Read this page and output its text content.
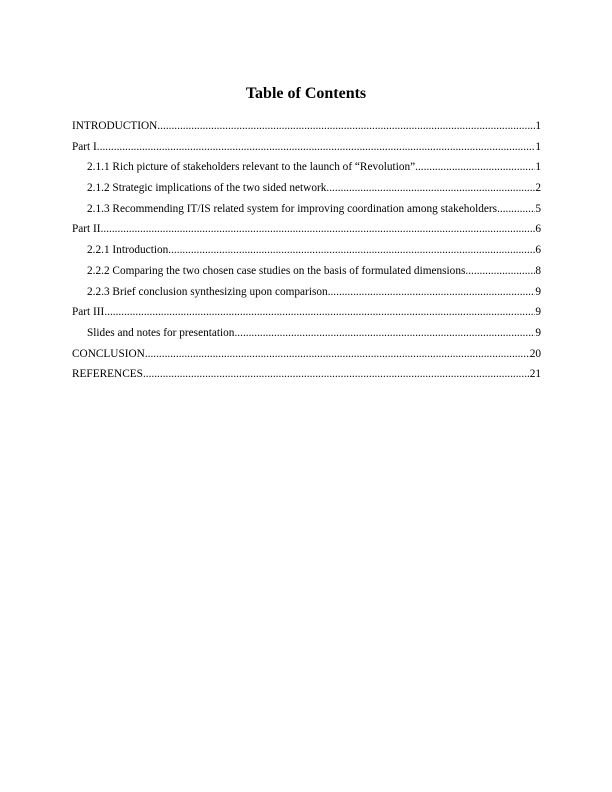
Table of Contents
INTRODUCTION .....	1
Part I .....	1
2.1.1 Rich picture of stakeholders relevant to the launch of “Revolution” .....	1
2.1.2 Strategic implications of the two sided network .....	2
2.1.3 Recommending IT/IS related system for improving coordination among stakeholders .....	5
Part II .....	6
2.2.1 Introduction .....	6
2.2.2 Comparing the two chosen case studies on the basis of formulated dimensions .....	8
2.2.3 Brief conclusion synthesizing upon comparison .....	9
Part III .....	9
Slides and notes for presentation .....	9
CONCLUSION .....	20
REFERENCES .....	21
